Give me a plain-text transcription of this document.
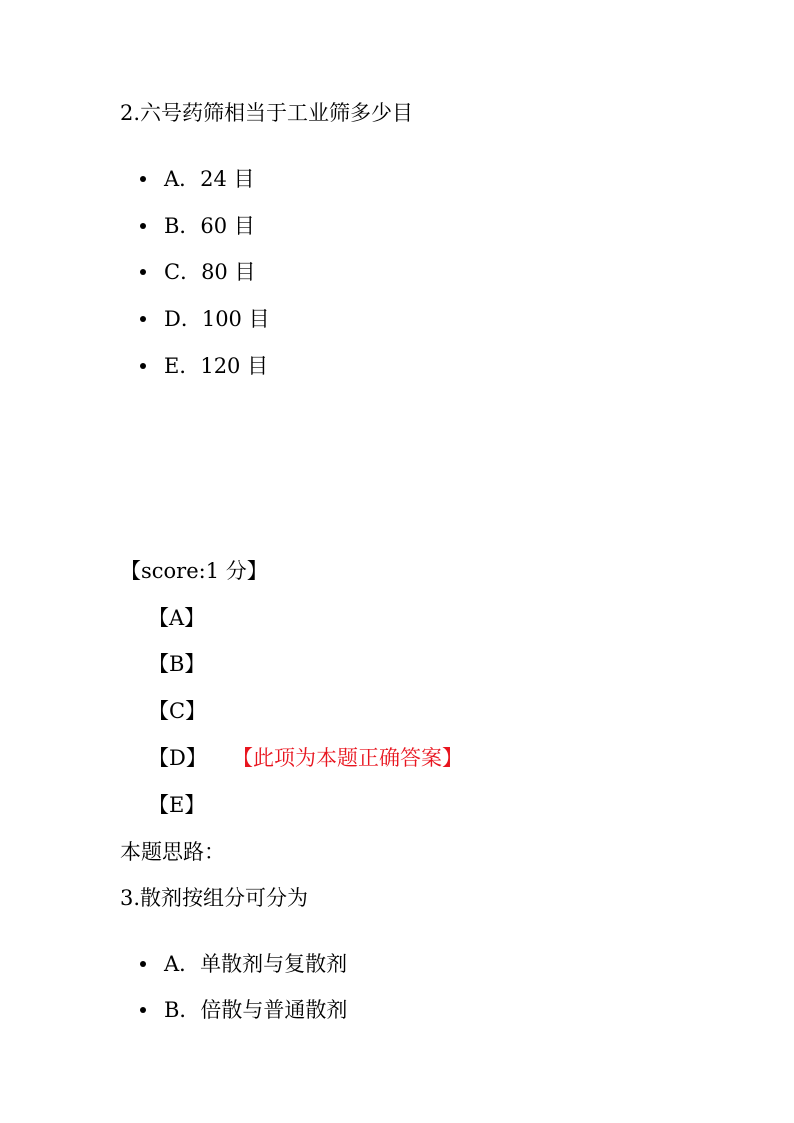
2.六号药筛相当于工业筛多少目
A．24 目
B．60 目
C．80 目
D．100 目
E．120 目
【score:1 分】
【A】
【B】
【C】
【D】 【此项为本题正确答案】
【E】
本题思路：
3.散剂按组分可分为
A．单散剂与复散剂
B．倍散与普通散剂
